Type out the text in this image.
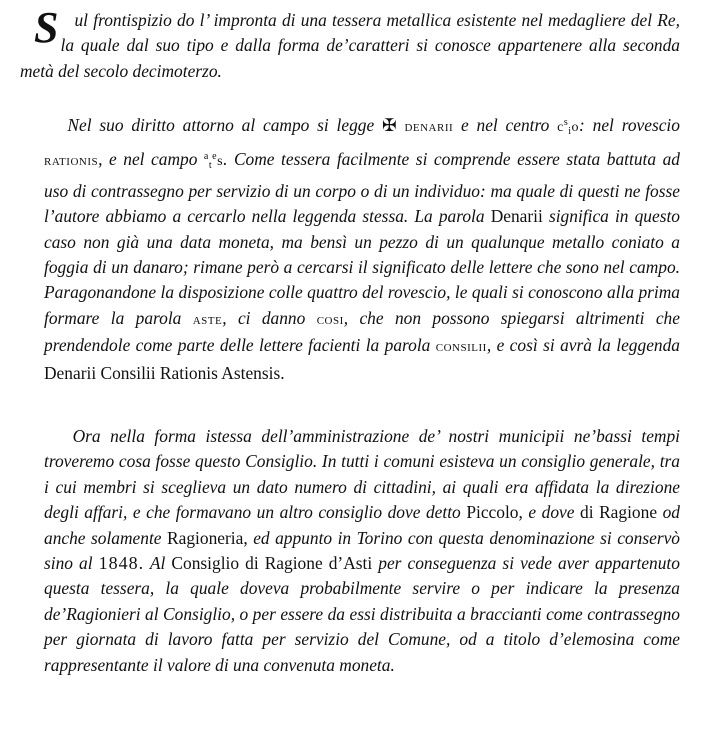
Sul frontispizio do l’ impronta di una tessera metallica esistente nel medagliere del Re, la quale dal suo tipo e dalla forma de’caratteri si conosce appartenere alla seconda metà del secolo decimoterzo.

Nel suo diritto attorno al campo si legge ✠ denarii e nel centro $c^s_io$: nel rovescio rationis, e nel campo $^a_t^e$s. Come tessera facilmente si comprende essere stata battuta ad uso di contrassegno per servizio di un corpo o di un individuo: ma quale di questi ne fosse l’autore abbiamo a cercarlo nella leggenda stessa. La parola Denarii significa in questo caso non già una data moneta, ma bensì un pezzo di un qualunque metallo coniato a foggia di un danaro; rimane però a cercarsi il significato delle lettere che sono nel campo. Paragonandone la disposizione colle quattro del rovescio, le quali si conoscono alla prima formare la parola aste, ci danno cosi, che non possono spiegarsi altrimenti che prendendole come parte delle lettere facienti la parola consilii, e così si avrà la leggenda Denarii Consilii Rationis Astensis.

Ora nella forma istessa dell’amministrazione de’ nostri municipii ne’bassi tempi troveremo cosa fosse questo Consiglio. In tutti i comuni esisteva un consiglio generale, tra i cui membri si sceglieva un dato numero di cittadini, ai quali era affidata la direzione degli affari, e che formavano un altro consiglio dove detto Piccolo, e dove di Ragione od anche solamente Ragioneria, ed appunto in Torino con questa denominazione si conservò sino al 1848. Al Consiglio di Ragione d’Asti per conseguenza si vede aver appartenuto questa tessera, la quale doveva probabilmente servire o per indicare la presenza de’Ragionieri al Consiglio, o per essere da essi distribuita a braccianti come contrassegno per giornata di lavoro fatta per servizio del Comune, od a titolo d’elemosina come rappresentante il valore di una convenuta moneta.
